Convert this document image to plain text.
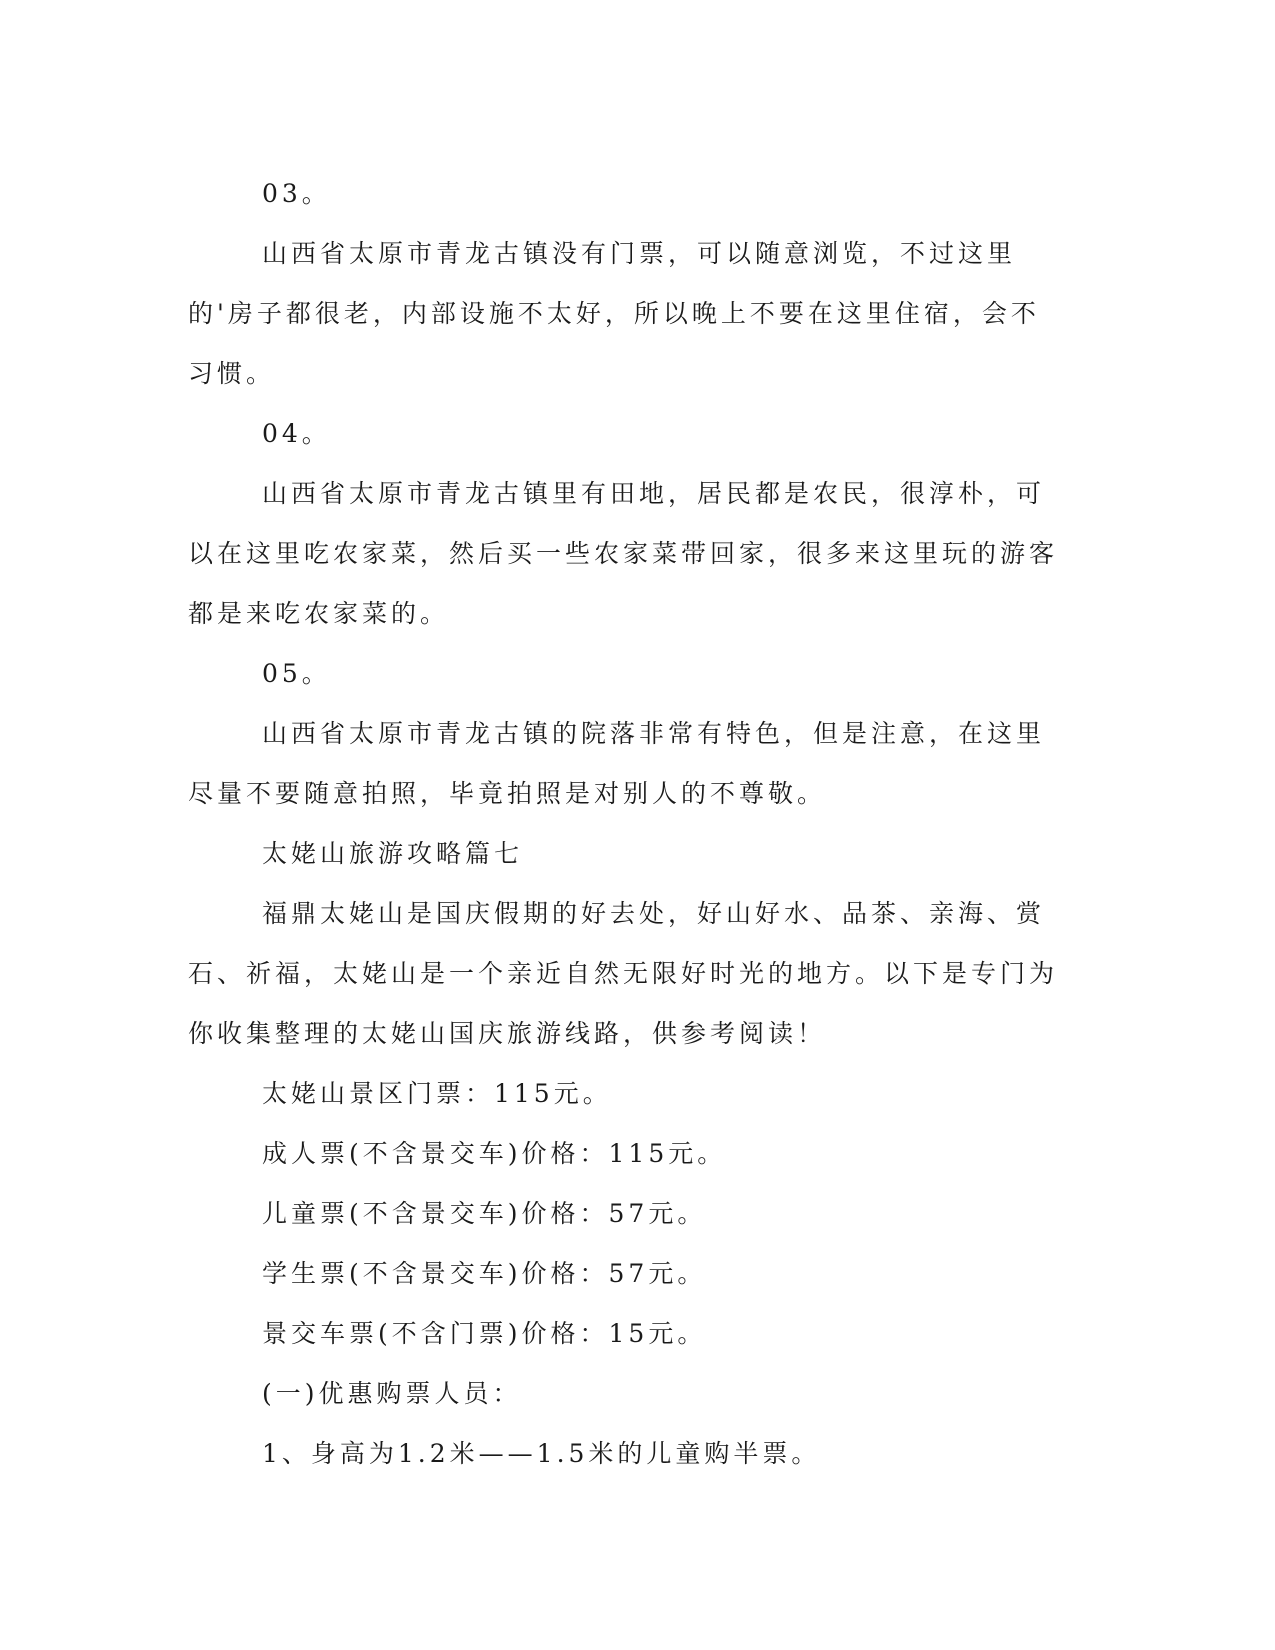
03。

山西省太原市青龙古镇没有门票，可以随意浏览，不过这里的'房子都很老，内部设施不太好，所以晚上不要在这里住宿，会不习惯。

04。

山西省太原市青龙古镇里有田地，居民都是农民，很淳朴，可以在这里吃农家菜，然后买一些农家菜带回家，很多来这里玩的游客都是来吃农家菜的。

05。

山西省太原市青龙古镇的院落非常有特色，但是注意，在这里尽量不要随意拍照，毕竟拍照是对别人的不尊敬。

太姥山旅游攻略篇七

福鼎太姥山是国庆假期的好去处，好山好水、品茶、亲海、赏石、祈福，太姥山是一个亲近自然无限好时光的地方。以下是专门为你收集整理的太姥山国庆旅游线路，供参考阅读！

太姥山景区门票：115元。

成人票(不含景交车)价格：115元。

儿童票(不含景交车)价格：57元。

学生票(不含景交车)价格：57元。

景交车票(不含门票)价格：15元。

(一)优惠购票人员：

1、身高为1.2米——1.5米的儿童购半票。
